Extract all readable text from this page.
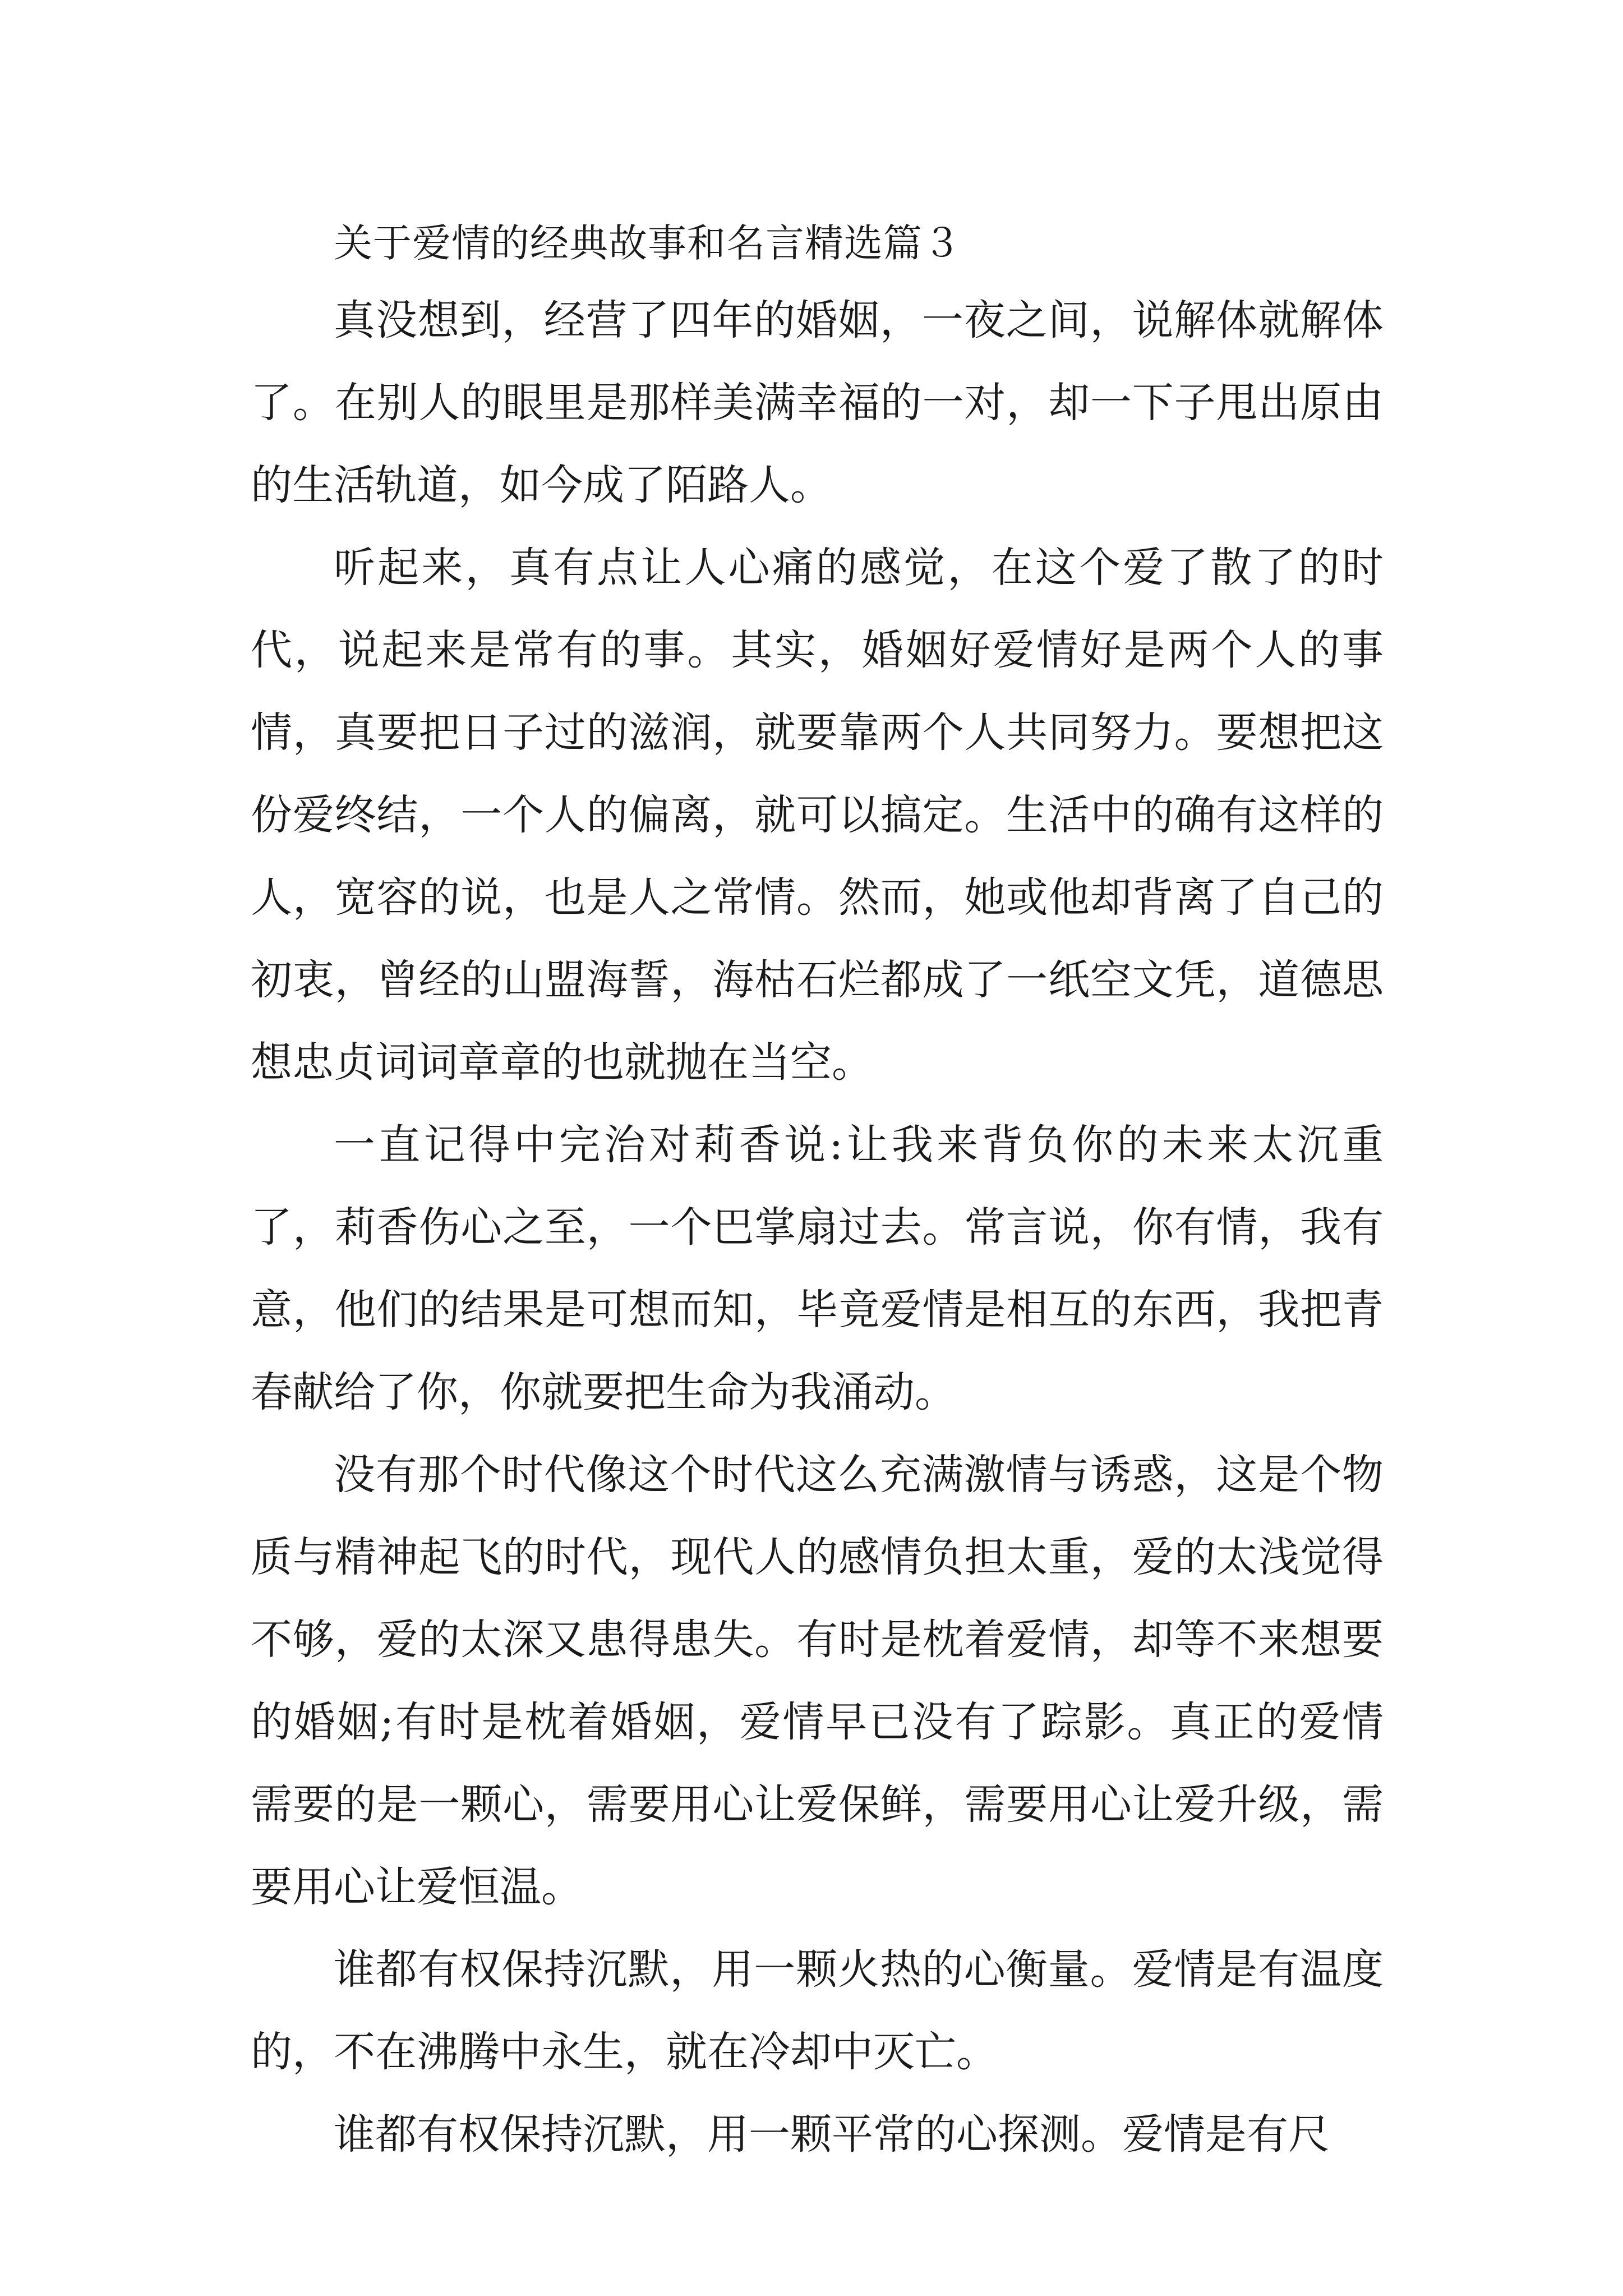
关于爱情的经典故事和名言精选篇３

真没想到，经营了四年的婚姻，一夜之间，说解体就解体了。在别人的眼里是那样美满幸福的一对，却一下子甩出原由的生活轨道，如今成了陌路人。

听起来，真有点让人心痛的感觉，在这个爱了散了的时代，说起来是常有的事。其实，婚姻好爱情好是两个人的事情，真要把日子过的滋润，就要靠两个人共同努力。要想把这份爱终结，一个人的偏离，就可以搞定。生活中的确有这样的人，宽容的说，也是人之常情。然而，她或他却背离了自己的初衷，曾经的山盟海誓，海枯石烂都成了一纸空文凭，道德思想忠贞词词章章的也就抛在当空。

一直记得中完治对莉香说:让我来背负你的未来太沉重了，莉香伤心之至，一个巴掌扇过去。常言说，你有情，我有意，他们的结果是可想而知，毕竟爱情是相互的东西，我把青春献给了你，你就要把生命为我涌动。

没有那个时代像这个时代这么充满激情与诱惑，这是个物质与精神起飞的时代，现代人的感情负担太重，爱的太浅觉得不够，爱的太深又患得患失。有时是枕着爱情，却等不来想要的婚姻;有时是枕着婚姻，爱情早已没有了踪影。真正的爱情需要的是一颗心，需要用心让爱保鲜，需要用心让爱升级，需要用心让爱恒温。

谁都有权保持沉默，用一颗火热的心衡量。爱情是有温度的，不在沸腾中永生，就在冷却中灭亡。

谁都有权保持沉默，用一颗平常的心探测。爱情是有尺
